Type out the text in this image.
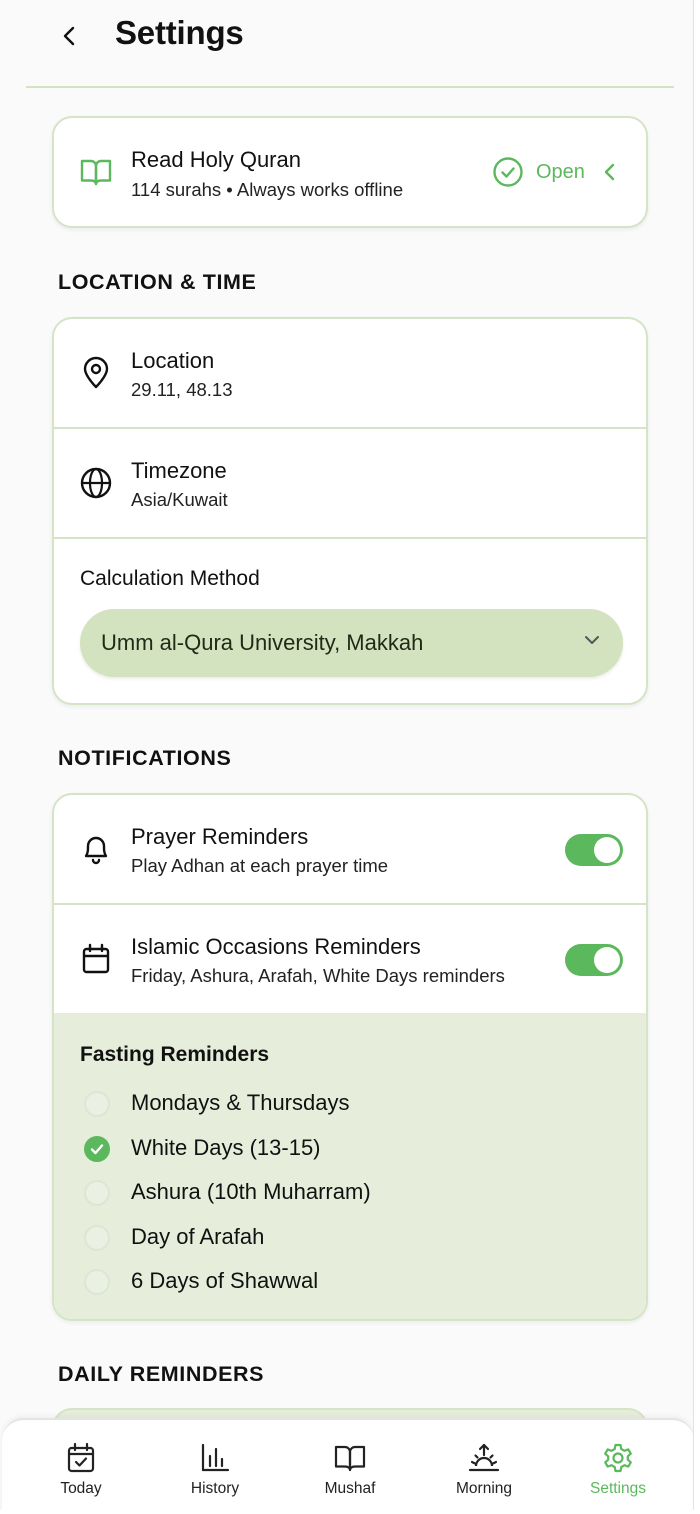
Settings
Read Holy Quran
114 surahs • Always works offline
Open
LOCATION & TIME
Location
29.11, 48.13
Timezone
Asia/Kuwait
Calculation Method
Umm al-Qura University, Makkah
NOTIFICATIONS
Prayer Reminders
Play Adhan at each prayer time
Islamic Occasions Reminders
Friday, Ashura, Arafah, White Days reminders
Fasting Reminders
Mondays & Thursdays
White Days (13-15)
Ashura (10th Muharram)
Day of Arafah
6 Days of Shawwal
DAILY REMINDERS
Today	History	Mushaf	Morning	Settings
